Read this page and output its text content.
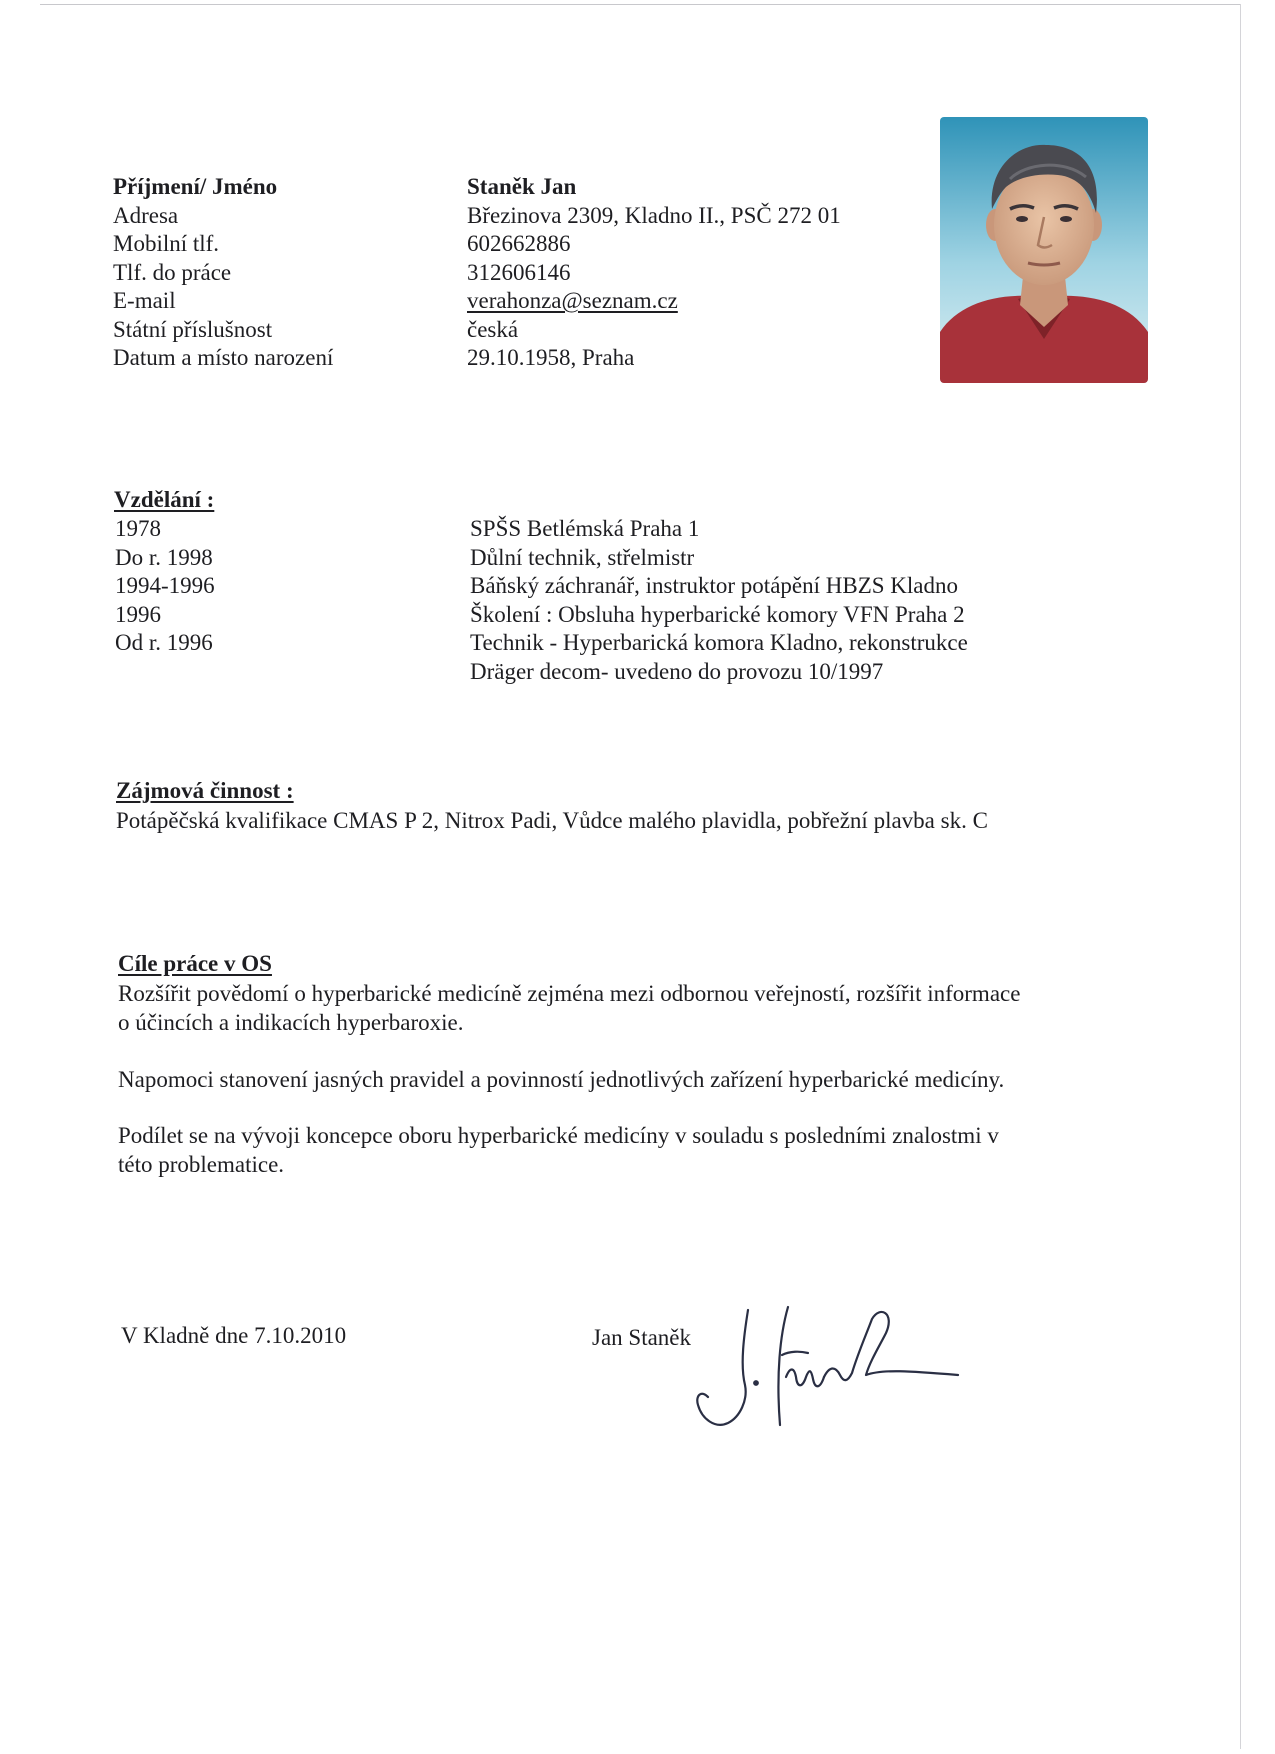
Příjmení/ Jméno
Adresa
Mobilní tlf.
Tlf. do práce
E-mail
Státní příslušnost
Datum a místo narození
Staněk Jan
Březinova 2309, Kladno II., PSČ 272 01
602662886
312606146
verahonza@seznam.cz
česká
29.10.1958, Praha
Vzdělání :
1978
Do r. 1998
1994-1996
1996
Od r. 1996
SPŠS Betlémská Praha 1
Důlní technik, střelmistr
Báňský záchranář, instruktor potápění HBZS Kladno
Školení : Obsluha hyperbarické komory VFN Praha 2
Technik - Hyperbarická komora Kladno, rekonstrukce
Dräger decom- uvedeno do provozu 10/1997
Zájmová činnost :
Potápěčská kvalifikace CMAS P 2, Nitrox Padi, Vůdce malého plavidla, pobřežní plavba sk. C
Cíle práce v OS
Rozšířit povědomí o hyperbarické medicíně zejména mezi odbornou veřejností, rozšířit informace
o účincích a indikacích hyperbaroxie.
Napomoci stanovení jasných pravidel a povinností jednotlivých zařízení hyperbarické medicíny.
Podílet se na vývoji koncepce oboru hyperbarické medicíny v souladu s posledními znalostmi v
této problematice.
V Kladně dne 7.10.2010	Jan Staněk
